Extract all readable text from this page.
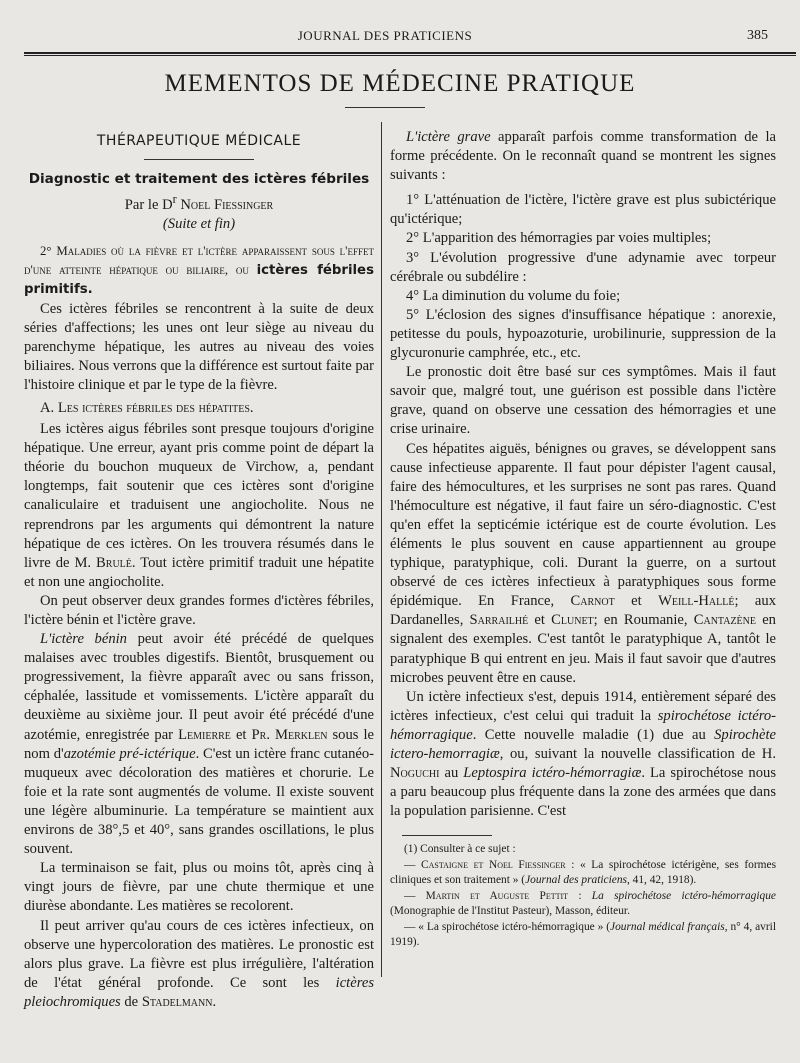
JOURNAL DES PRATICIENS	385
MEMENTOS DE MÉDECINE PRATIQUE
THÉRAPEUTIQUE MÉDICALE
Diagnostic et traitement des ictères fébriles
Par le $D^r$ Noel Fiessinger
(Suite et fin)

2° Maladies où la fièvre et l'ictère apparaissent sous l'effet d'une atteinte hépatique ou biliaire, ou ictères fébriles primitifs.

Ces ictères fébriles se rencontrent à la suite de deux séries d'affections; les unes ont leur siège au niveau du parenchyme hépatique, les autres au niveau des voies biliaires. Nous verrons que la différence est surtout faite par l'histoire clinique et par le type de la fièvre.

A. Les ictères fébriles des hépatites.

Les ictères aigus fébriles sont presque toujours d'origine hépatique. Une erreur, ayant pris comme point de départ la théorie du bouchon muqueux de Virchow, a, pendant longtemps, fait soutenir que ces ictères sont d'origine canaliculaire et traduisent une angiocholite. Nous ne reprendrons par les arguments qui démontrent la nature hépatique de ces ictères. On les trouvera résumés dans le livre de M. Brulé. Tout ictère primitif traduit une hépatite et non une angiocholite.

On peut observer deux grandes formes d'ictères fébriles, l'ictère bénin et l'ictère grave.

L'ictère bénin peut avoir été précédé de quelques malaises avec troubles digestifs. Bientôt, brusquement ou progressivement, la fièvre apparaît avec ou sans frisson, céphalée, lassitude et vomissements. L'ictère apparaît du deuxième au sixième jour. Il peut avoir été précédé d'une azotémie, enregistrée par Lemierre et Pr. Merklen sous le nom d'azotémie pré-ictérique. C'est un ictère franc cutanéo-muqueux avec décoloration des matières et chorurie. Le foie et la rate sont augmentés de volume. Il existe souvent une légère albuminurie. La température se maintient aux environs de 38°,5 et 40°, sans grandes oscillations, le plus souvent.

La terminaison se fait, plus ou moins tôt, après cinq à vingt jours de fièvre, par une chute thermique et une diurèse abondante. Les matières se recolorent.

Il peut arriver qu'au cours de ces ictères infectieux, on observe une hypercoloration des matières. Le pronostic est alors plus grave. La fièvre est plus irrégulière, l'altération de l'état général profonde. Ce sont les ictères pleiochromiques de Stadelmann.

L'ictère grave apparaît parfois comme transformation de la forme précédente. On le reconnaît quand se montrent les signes suivants :

1° L'atténuation de l'ictère, l'ictère grave est plus subictérique qu'ictérique;

2° L'apparition des hémorragies par voies multiples;

3° L'évolution progressive d'une adynamie avec torpeur cérébrale ou subdélire :

4° La diminution du volume du foie;

5° L'éclosion des signes d'insuffisance hépatique : anorexie, petitesse du pouls, hypoazoturie, urobilinurie, suppression de la glycuronurie camphrée, etc., etc.

Le pronostic doit être basé sur ces symptômes. Mais il faut savoir que, malgré tout, une guérison est possible dans l'ictère grave, quand on observe une cessation des hémorragies et une crise urinaire.

Ces hépatites aiguës, bénignes ou graves, se développent sans cause infectieuse apparente. Il faut pour dépister l'agent causal, faire des hémocultures, et les surprises ne sont pas rares. Quand l'hémoculture est négative, il faut faire un séro-diagnostic. C'est qu'en effet la septicémie ictérique est de courte évolution. Les éléments le plus souvent en cause appartiennent au groupe typhique, paratyphique, coli. Durant la guerre, on a surtout observé de ces ictères infectieux à paratyphiques sous forme épidémique. En France, Carnot et Weill-Hallé; aux Dardanelles, Sarrailhé et Clunet; en Roumanie, Cantazène en signalent des exemples. C'est tantôt le paratyphique A, tantôt le paratyphique B qui entrent en jeu. Mais il faut savoir que d'autres microbes peuvent être en cause.

Un ictère infectieux s'est, depuis 1914, entièrement séparé des ictères infectieux, c'est celui qui traduit la spirochétose ictéro-hémorragique. Cette nouvelle maladie (1) due au Spirochète ictero-hemorragiæ, ou, suivant la nouvelle classification de H. Noguchi au Leptospira ictéro-hémorragiæ. La spirochétose nous a paru beaucoup plus fréquente dans la zone des armées que dans la population parisienne. C'est

(1) Consulter à ce sujet :

— Castaigne et Noel Fiessinger : « La spirochétose ictérigène, ses formes cliniques et son traitement » (Journal des praticiens, 41, 42, 1918).

— Martin et Auguste Pettit : La spirochétose ictéro-hémorragique (Monographie de l'Institut Pasteur), Masson, éditeur.

— « La spirochétose ictéro-hémorragique » (Journal médical français, n° 4, avril 1919).
